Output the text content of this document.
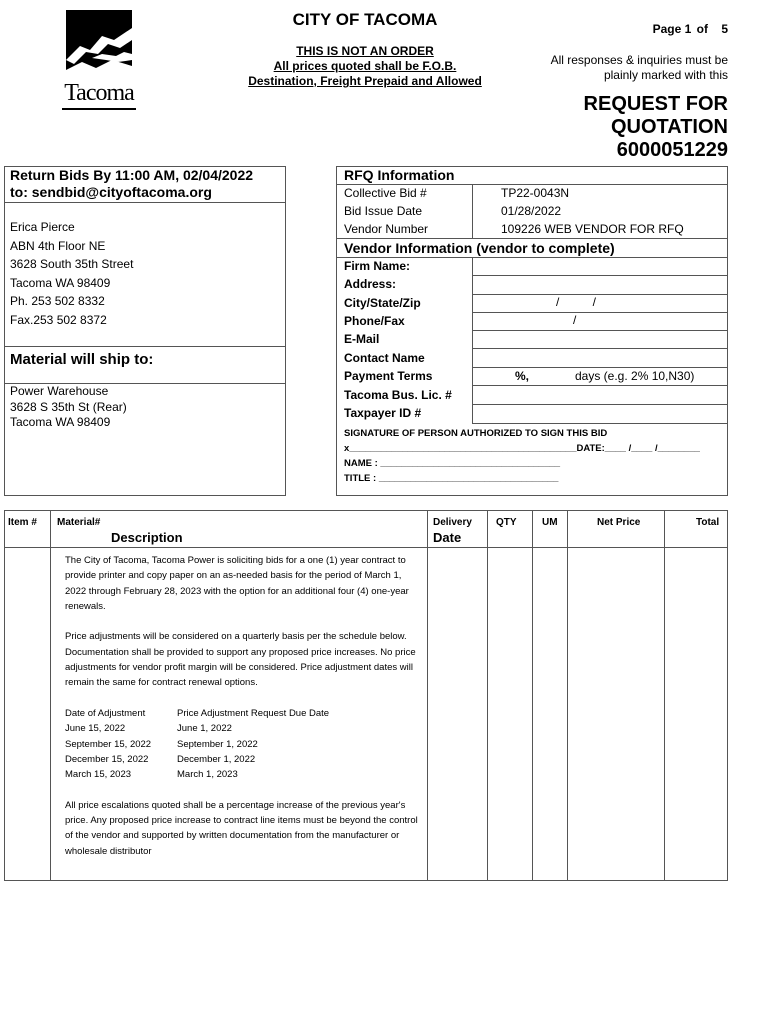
Tacoma
CITY OF TACOMA
THIS IS NOT AN ORDER
All prices quoted shall be F.O.B.
Destination, Freight Prepaid and Allowed
Page 1 of 5
All responses & inquiries must be
plainly marked with this
REQUEST FOR
QUOTATION
6000051229
Return Bids By 11:00 AM, 02/04/2022
to: sendbid@cityoftacoma.org
Erica Pierce
ABN 4th Floor NE
3628 South 35th Street
Tacoma WA 98409
Ph. 253 502 8332
Fax.253 502 8372
Material will ship to:
Power Warehouse
3628 S 35th St (Rear)
Tacoma WA 98409
RFQ Information
Collective Bid #	TP22-0043N
Bid Issue Date	01/28/2022
Vendor Number	109226 WEB VENDOR FOR RFQ
Vendor Information (vendor to complete)
Firm Name:
Address:
City/State/Zip	/          /
Phone/Fax	/
E-Mail
Contact Name
Payment Terms	%,	days (e.g. 2% 10,N30)
Tacoma Bus. Lic. #
Taxpayer ID #
SIGNATURE OF PERSON AUTHORIZED TO SIGN THIS BID
x___________________________________________DATE:____ /____ /________
NAME : __________________________________
TITLE : __________________________________
Item # Material#
Description
Delivery
Date
QTY	UM	Net Price	Total

The City of Tacoma, Tacoma Power is soliciting bids for a one (1) year contract to provide printer and copy paper on an as-needed basis for the period of March 1, 2022 through February 28, 2023 with the option for an additional four (4) one-year renewals.

Price adjustments will be considered on a quarterly basis per the schedule below. Documentation shall be provided to support any proposed price increases. No price adjustments for vendor profit margin will be considered. Price adjustment dates will remain the same for contract renewal options.

Date of Adjustment	Price Adjustment Request Due Date
June 15, 2022	June 1, 2022
September 15, 2022	September 1, 2022
December 15, 2022	December 1, 2022
March 15, 2023	March 1, 2023

All price escalations quoted shall be a percentage increase of the previous year's price. Any proposed price increase to contract line items must be beyond the control of the vendor and supported by written documentation from the manufacturer or wholesale distributor
